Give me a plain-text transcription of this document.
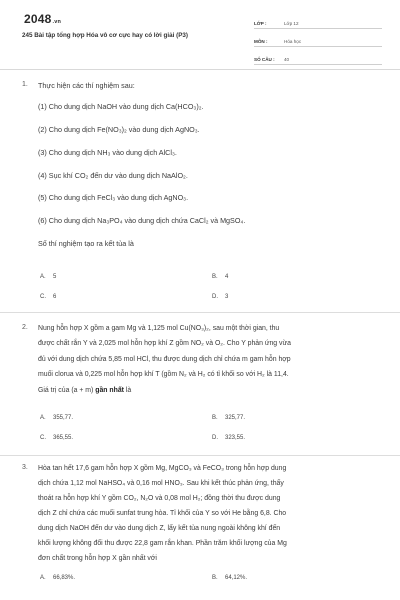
2048.vn
245 Bài tập tổng hợp Hóa vô cơ cực hay có lời giải (P3)
LỚP :	Lớp 12
MÔN :	Hóa học
SỐ CÂU :	40
1. Thực hiện các thí nghiệm sau:
(1) Cho dung dịch NaOH vào dung dịch Ca(HCO₃)₂.
(2) Cho dung dịch Fe(NO₃)₂ vào dung dịch AgNO₃.
(3) Cho dung dịch NH₃ vào dung dịch AlCl₃.
(4) Sục khí CO₂ đến dư vào dung dịch NaAlO₂.
(5) Cho dung dịch FeCl₃ vào dung dịch AgNO₃.
(6) Cho dung dịch Na₃PO₄ vào dung dịch chứa CaCl₂ và MgSO₄.
Số thí nghiệm tạo ra kết tủa là
A. 5	B. 4
C. 6	D. 3
2. Nung hỗn hợp X gồm a gam Mg và 1,125 mol Cu(NO₃)₂, sau một thời gian, thu
được chất rắn Y và 2,025 mol hỗn hợp khí Z gồm NO₂ và O₂. Cho Y phản ứng vừa
đủ với dung dịch chứa 5,85 mol HCl, thu được dung dịch chỉ chứa m gam hỗn hợp
muối clorua và 0,225 mol hỗn hợp khí T (gồm N₂ và H₂ có tỉ khối so với H₂ là 11,4.
Giá trị của (a + m) gần nhất là
A. 355,77.	B. 325,77.
C. 365,55.	D. 323,55.
3. Hòa tan hết 17,6 gam hỗn hợp X gồm Mg, MgCO₃ và FeCO₃ trong hỗn hợp dung
dịch chứa 1,12 mol NaHSO₄ và 0,16 mol HNO₃. Sau khi kết thúc phản ứng, thấy
thoát ra hỗn hợp khí Y gồm CO₂, N₂O và 0,08 mol H₂; đồng thời thu được dung
dịch Z chỉ chứa các muối sunfat trung hòa. Tỉ khối của Y so với He bằng 6,8. Cho
dung dịch NaOH đến dư vào dung dịch Z, lấy kết tủa nung ngoài không khí đến
khối lượng không đổi thu được 22,8 gam rắn khan. Phần trăm khối lượng của Mg
đơn chất trong hỗn hợp X gần nhất với
A. 66,83%.	B. 64,12%.
